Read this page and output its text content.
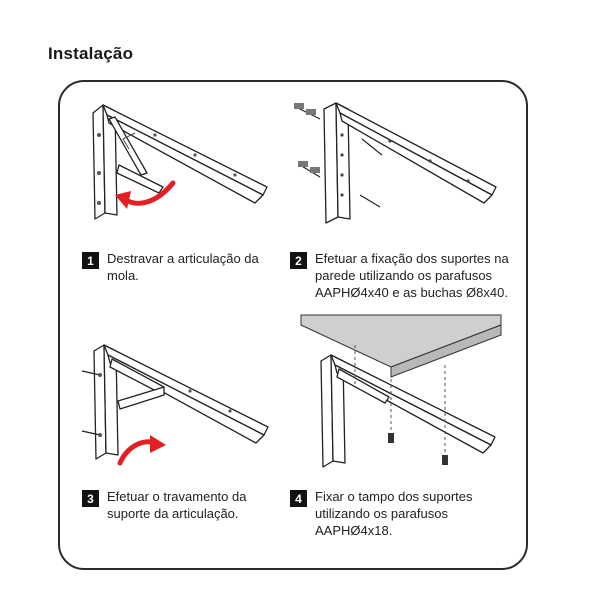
Instalação
1	Destravar a articulação da mola.
2	Efetuar a fixação dos suportes na parede utilizando os parafusos AAPHØ4x40 e as buchas Ø8x40.
3	Efetuar o travamento da suporte da articulação.
4	Fixar o tampo dos suportes utilizando os parafusos AAPHØ4x18.
